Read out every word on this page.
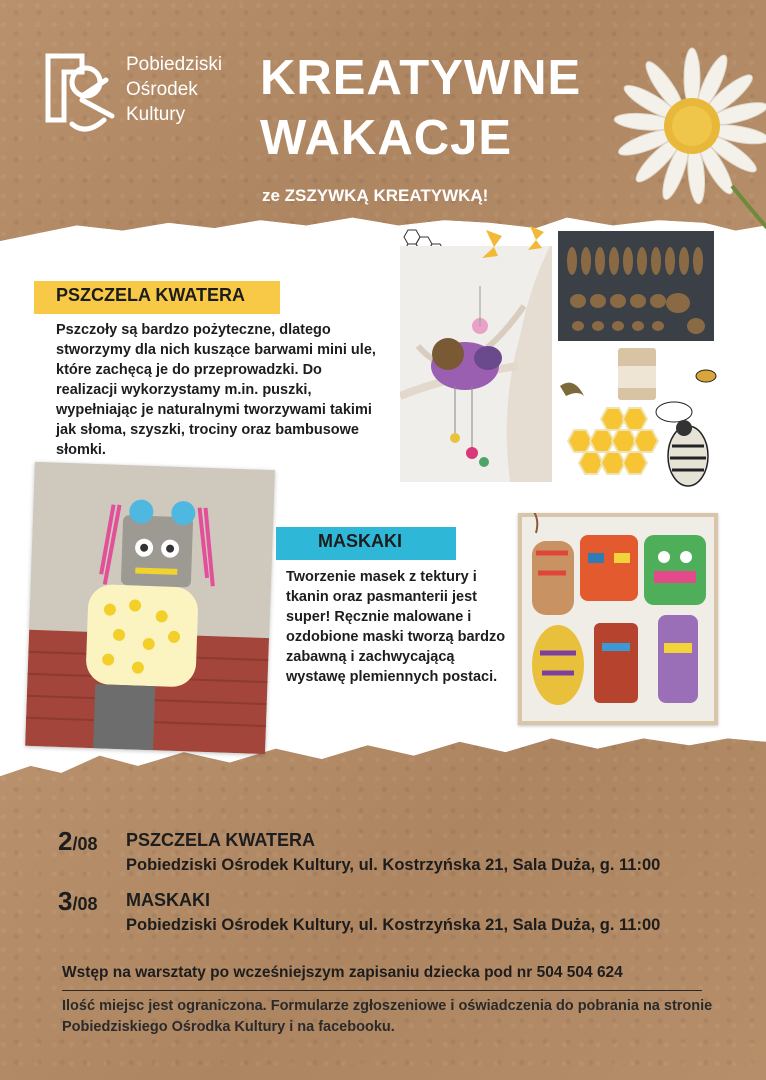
Pobiedziski
Ośrodek
Kultury
KREATYWNE
WAKACJE
ze ZSZYWKĄ KREATYWKĄ!
PSZCZELA KWATERA
Pszczoły są bardzo pożyteczne, dlatego stworzymy dla nich kuszące barwami mini ule, które zachęcą je do przeprowadzki. Do realizacji wykorzystamy m.in. puszki, wypełniając je naturalnymi tworzywami takimi jak słoma, szyszki, trociny oraz bambusowe słomki.
MASKAKI
Tworzenie masek z tektury i tkanin oraz pasmanterii jest super! Ręcznie malowane i ozdobione maski tworzą bardzo zabawną i zachwycającą wystawę plemiennych postaci.
2/08 PSZCZELA KWATERA
Pobiedziski Ośrodek Kultury, ul. Kostrzyńska 21, Sala Duża, g. 11:00
3/08 MASKAKI
Pobiedziski Ośrodek Kultury, ul. Kostrzyńska 21, Sala Duża, g. 11:00
Wstęp na warsztaty po wcześniejszym zapisaniu dziecka pod nr 504 504 624
Ilość miejsc jest ograniczona. Formularze zgłoszeniowe i oświadczenia do pobrania na stronie Pobiedziskiego Ośrodka Kultury i na facebooku.
